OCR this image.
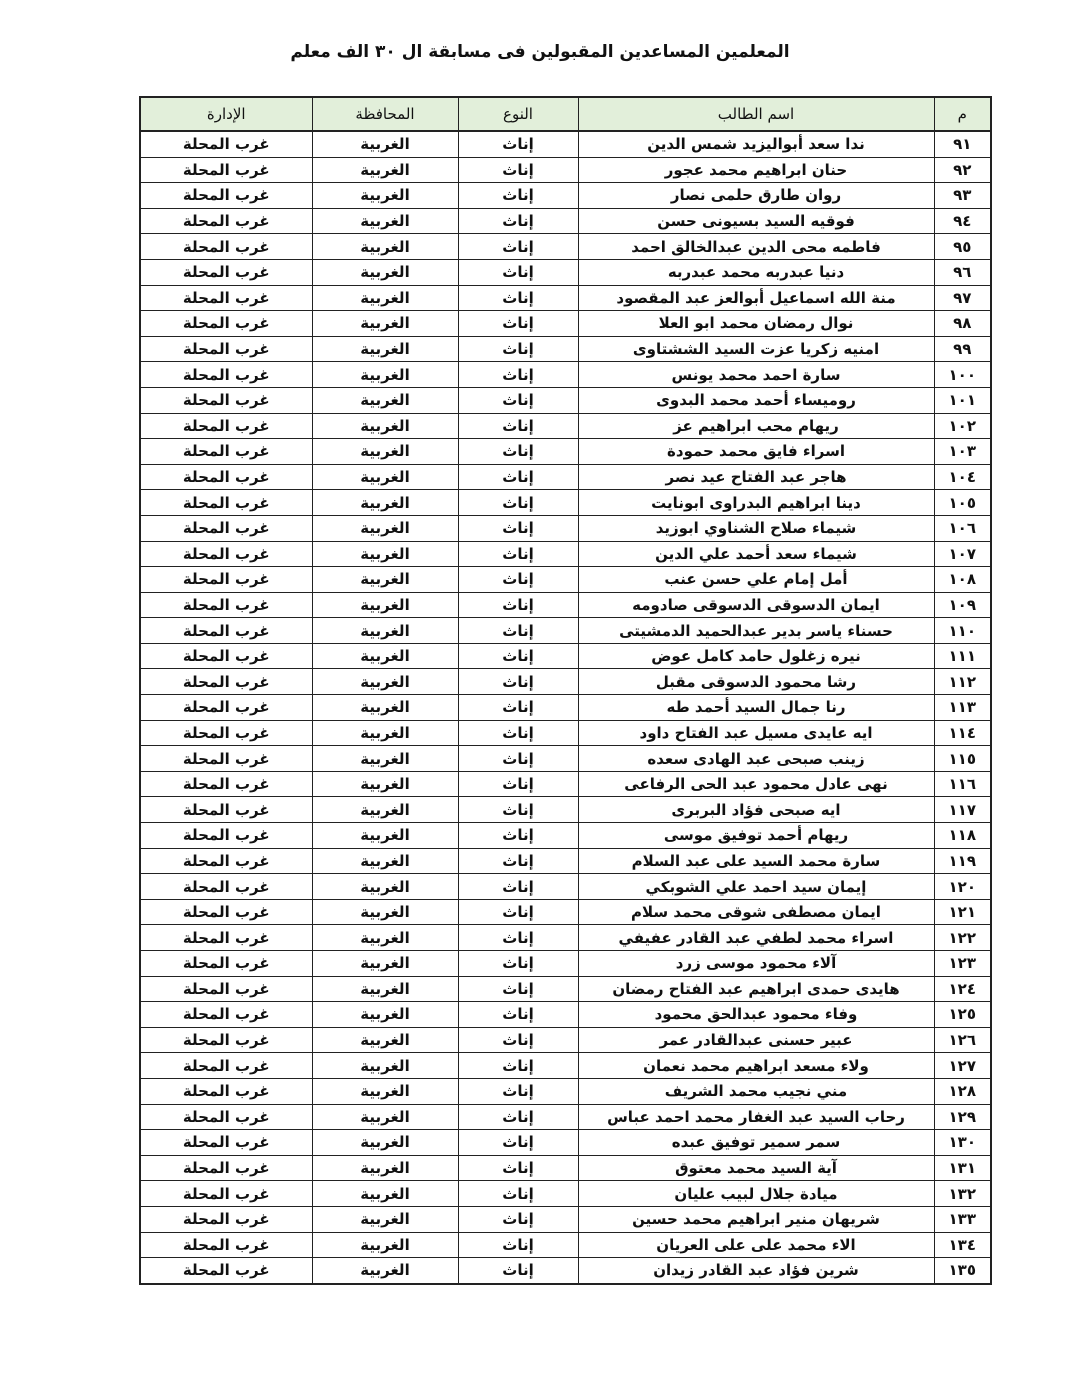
المعلمين المساعدين المقبولين فى مسابقة ال ٣٠ الف معلم
م	اسم الطالب	النوع	المحافظة	الإدارة
٩١	ندا سعد أبواليزيد شمس الدين	إناث	الغربية	غرب المحلة
٩٢	حنان ابراهيم محمد عجور	إناث	الغربية	غرب المحلة
٩٣	روان طارق حلمى نصار	إناث	الغربية	غرب المحلة
٩٤	فوقيه السيد بسيونى حسن	إناث	الغربية	غرب المحلة
٩٥	فاطمه محى الدين عبدالخالق احمد	إناث	الغربية	غرب المحلة
٩٦	دنيا عبدربه محمد عبدربه	إناث	الغربية	غرب المحلة
٩٧	منة الله اسماعيل أبوالعز عبد المقصود	إناث	الغربية	غرب المحلة
٩٨	نوال رمضان محمد ابو العلا	إناث	الغربية	غرب المحلة
٩٩	امنيه زكريا عزت السيد الششتاوى	إناث	الغربية	غرب المحلة
١٠٠	سارة احمد محمد يونس	إناث	الغربية	غرب المحلة
١٠١	روميساء أحمد محمد البدوى	إناث	الغربية	غرب المحلة
١٠٢	ريهام محب ابراهيم عز	إناث	الغربية	غرب المحلة
١٠٣	اسراء فايق محمد حمودة	إناث	الغربية	غرب المحلة
١٠٤	هاجر عبد الفتاح عيد نصر	إناث	الغربية	غرب المحلة
١٠٥	دينا ابراهيم البدراوى ابونايت	إناث	الغربية	غرب المحلة
١٠٦	شيماء صلاح الشناوي ابوزيد	إناث	الغربية	غرب المحلة
١٠٧	شيماء سعد أحمد علي الدين	إناث	الغربية	غرب المحلة
١٠٨	أمل إمام علي حسن عنب	إناث	الغربية	غرب المحلة
١٠٩	ايمان الدسوقى الدسوقى صادومه	إناث	الغربية	غرب المحلة
١١٠	حسناء ياسر بدير عبدالحميد الدمشيتى	إناث	الغربية	غرب المحلة
١١١	نيره زغلول حامد كامل عوض	إناث	الغربية	غرب المحلة
١١٢	رشا محمود الدسوقى مقبل	إناث	الغربية	غرب المحلة
١١٣	رنا جمال السيد أحمد طه	إناث	الغربية	غرب المحلة
١١٤	ايه عايدى مسيل عبد الفتاح داود	إناث	الغربية	غرب المحلة
١١٥	زينب صبحى عبد الهادى سعده	إناث	الغربية	غرب المحلة
١١٦	نهى عادل محمود عبد الحى الرفاعى	إناث	الغربية	غرب المحلة
١١٧	ايه صبحى فؤاد البربرى	إناث	الغربية	غرب المحلة
١١٨	ريهام أحمد توفيق موسى	إناث	الغربية	غرب المحلة
١١٩	سارة محمد السيد على عبد السلام	إناث	الغربية	غرب المحلة
١٢٠	إيمان سيد احمد علي الشوبكي	إناث	الغربية	غرب المحلة
١٢١	ايمان مصطفى شوقى محمد سلام	إناث	الغربية	غرب المحلة
١٢٢	اسراء محمد لطفي عبد القادر عفيفي	إناث	الغربية	غرب المحلة
١٢٣	آلاء محمود موسى زرد	إناث	الغربية	غرب المحلة
١٢٤	هايدى حمدى ابراهيم عبد الفتاح رمضان	إناث	الغربية	غرب المحلة
١٢٥	وفاء محمود عبدالحق محمود	إناث	الغربية	غرب المحلة
١٢٦	عبير حسنى عبدالقادر عمر	إناث	الغربية	غرب المحلة
١٢٧	ولاء مسعد ابراهيم محمد نعمان	إناث	الغربية	غرب المحلة
١٢٨	مني نجيب محمد الشريف	إناث	الغربية	غرب المحلة
١٢٩	رحاب السيد عبد الغفار محمد احمد عباس	إناث	الغربية	غرب المحلة
١٣٠	سمر سمير توفيق عبده	إناث	الغربية	غرب المحلة
١٣١	آية السيد محمد معتوق	إناث	الغربية	غرب المحلة
١٣٢	ميادة جلال لبيب عليان	إناث	الغربية	غرب المحلة
١٣٣	شريهان منير ابراهيم محمد حسين	إناث	الغربية	غرب المحلة
١٣٤	الاء محمد على على العريان	إناث	الغربية	غرب المحلة
١٣٥	شرين فؤاد عبد القادر زيدان	إناث	الغربية	غرب المحلة
